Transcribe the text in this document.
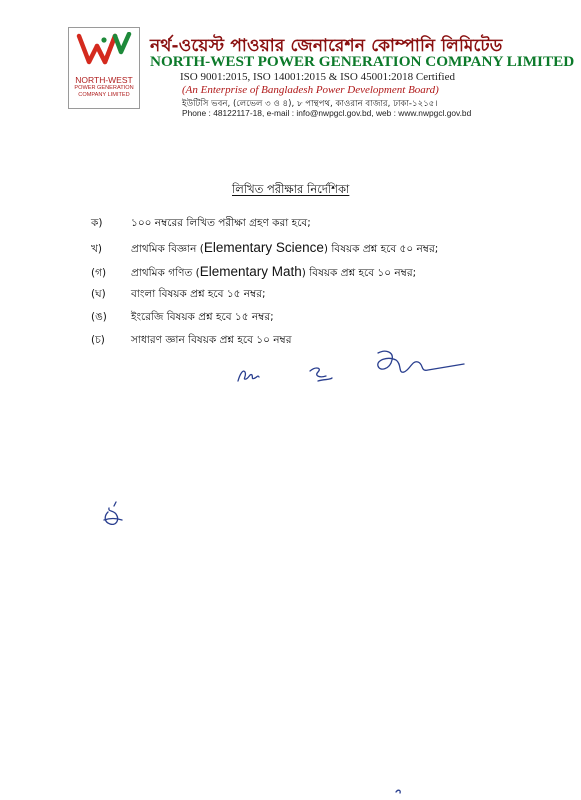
NORTH-WEST
POWER GENERATION
COMPANY LIMITED
নর্থ-ওয়েস্ট পাওয়ার জেনারেশন কোম্পানি লিমিটেড
NORTH-WEST POWER GENERATION COMPANY LIMITED
ISO 9001:2015, ISO 14001:2015 & ISO 45001:2018 Certified
(An Enterprise of Bangladesh Power Development Board)
ইউটিসি ভবন, (লেভেল ৩ ও ৪), ৮ পান্থপথ, কাওরান বাজার, ঢাকা-১২১৫।
Phone : 48122117-18, e-mail : info@nwpgcl.gov.bd, web : www.nwpgcl.gov.bd
লিখিত পরীক্ষার নির্দেশিকা
ক)	১০০ নম্বরের লিখিত পরীক্ষা গ্রহণ করা হবে;
খ)	প্রাথমিক বিজ্ঞান (Elementary Science) বিষয়ক প্রশ্ন হবে ৫০ নম্বর;
(গ) প্রাথমিক গণিত (Elementary Math) বিষয়ক প্রশ্ন হবে ১০ নম্বর;
(ঘ) বাংলা বিষয়ক প্রশ্ন হবে ১৫ নম্বর;
(ঙ) ইংরেজি বিষয়ক প্রশ্ন হবে ১৫ নম্বর;
(চ) সাধারণ জ্ঞান বিষয়ক প্রশ্ন হবে ১০ নম্বর
